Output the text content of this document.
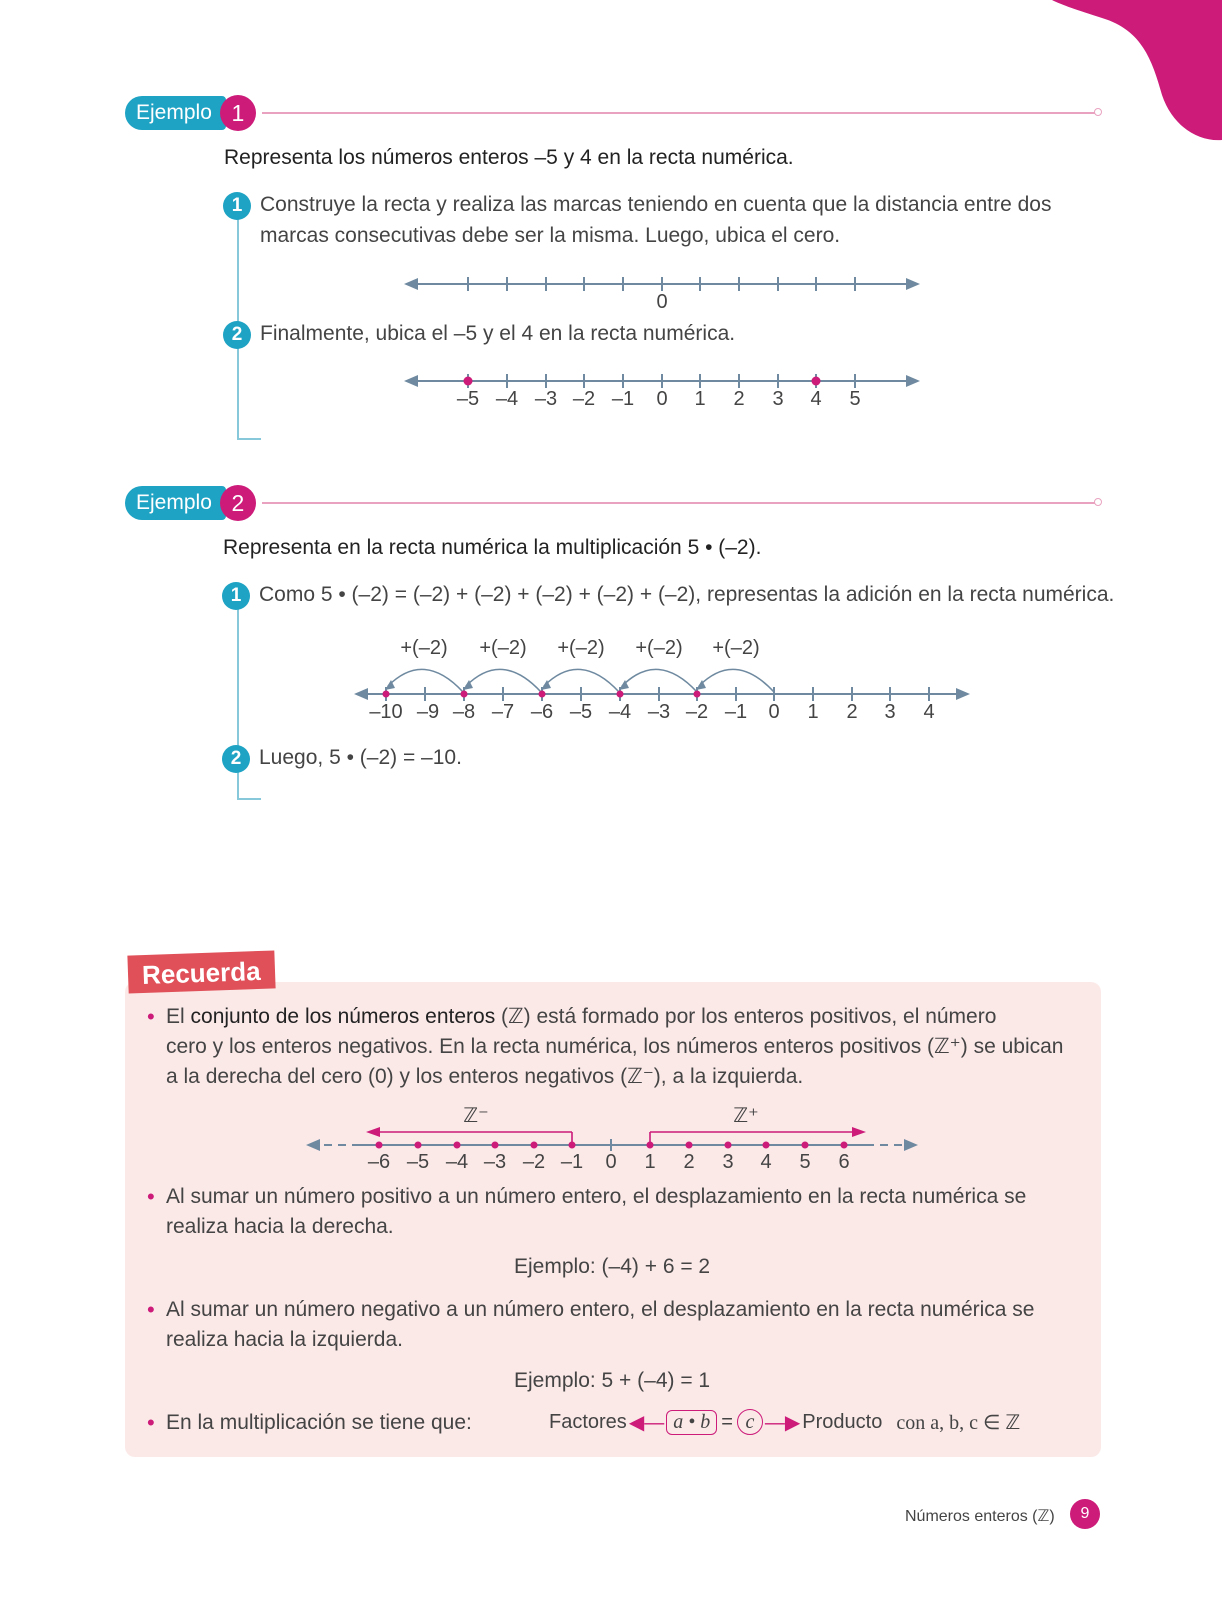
Ejemplo 1
Representa los números enteros –5 y 4 en la recta numérica.
1 Construye la recta y realiza las marcas teniendo en cuenta que la distancia entre dos
marcas consecutivas debe ser la misma. Luego, ubica el cero.
0
2 Finalmente, ubica el –5 y el 4 en la recta numérica.
–5 –4 –3 –2 –1 0 1 2 3 4 5
Ejemplo 2
Representa en la recta numérica la multiplicación 5 • (–2).
1 Como 5 • (–2) = (–2) + (–2) + (–2) + (–2) + (–2), representas la adición en la recta numérica.
+(–2) +(–2) +(–2) +(–2) +(–2)
–10 –9 –8 –7 –6 –5 –4 –3 –2 –1 0 1 2 3 4
2 Luego, 5 • (–2) = –10.
Recuerda
• El conjunto de los números enteros (ℤ) está formado por los enteros positivos, el número
cero y los enteros negativos. En la recta numérica, los números enteros positivos (ℤ⁺) se ubican
a la derecha del cero (0) y los enteros negativos (ℤ⁻), a la izquierda.
ℤ⁻	ℤ⁺
–6 –5 –4 –3 –2 –1 0 1 2 3 4 5 6
• Al sumar un número positivo a un número entero, el desplazamiento en la recta numérica se
realiza hacia la derecha.
Ejemplo: (–4) + 6 = 2
• Al sumar un número negativo a un número entero, el desplazamiento en la recta numérica se
realiza hacia la izquierda.
Ejemplo: 5 + (–4) = 1
• En la multiplicación se tiene que:	Factores ◀— a • b = c —▶ Producto con a, b, c ∈ ℤ
Números enteros (ℤ)	9
